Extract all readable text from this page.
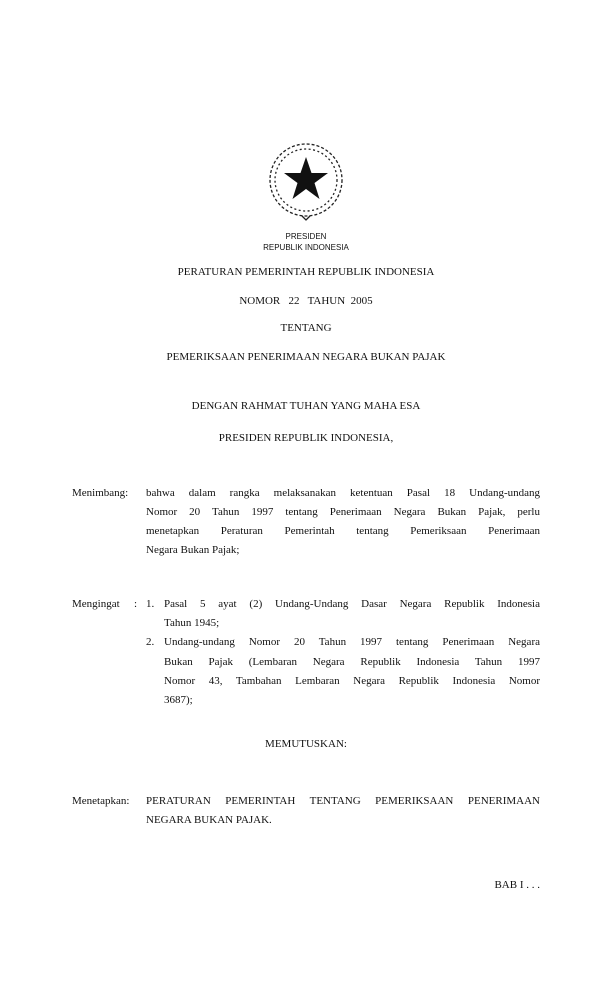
PRESIDEN
REPUBLIK INDONESIA
PERATURAN PEMERINTAH REPUBLIK INDONESIA
NOMOR   22   TAHUN  2005
TENTANG
PEMERIKSAAN PENERIMAAN NEGARA BUKAN PAJAK
DENGAN RAHMAT TUHAN YANG MAHA ESA
PRESIDEN REPUBLIK INDONESIA,
Menimbang: bahwa dalam rangka melaksanakan ketentuan Pasal 18 Undang-undang
Nomor 20 Tahun 1997 tentang Penerimaan Negara Bukan Pajak, perlu
menetapkan Peraturan Pemerintah tentang Pemeriksaan Penerimaan
Negara Bukan Pajak;
Mengingat : 1. Pasal 5 ayat (2) Undang-Undang Dasar Negara Republik Indonesia
Tahun 1945;
2. Undang-undang Nomor 20 Tahun 1997 tentang Penerimaan Negara
Bukan Pajak (Lembaran Negara Republik Indonesia Tahun 1997
Nomor 43, Tambahan Lembaran Negara Republik Indonesia Nomor
3687);
MEMUTUSKAN:
Menetapkan: PERATURAN PEMERINTAH TENTANG PEMERIKSAAN PENERIMAAN
NEGARA BUKAN PAJAK.
BAB I . . .
